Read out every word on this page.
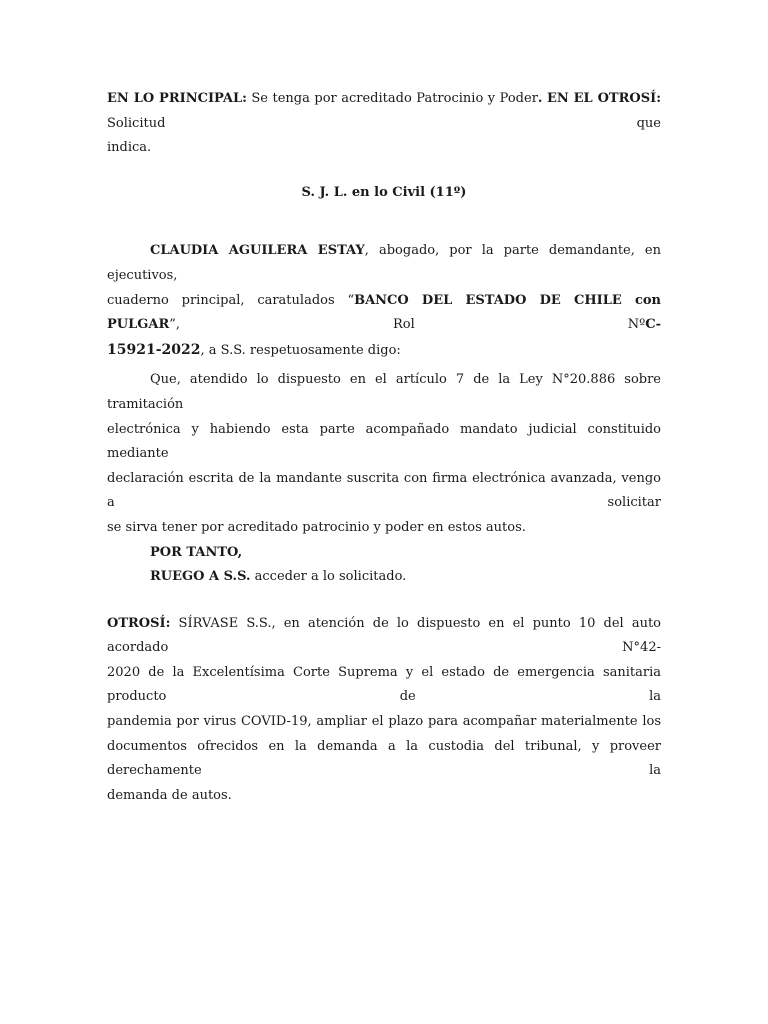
EN LO PRINCIPAL: Se tenga por acreditado Patrocinio y Poder. EN EL OTROSÍ: Solicitud que

indica.

S. J. L. en lo Civil (11º)

CLAUDIA AGUILERA ESTAY, abogado, por la parte demandante, en ejecutivos,

cuaderno principal, caratulados “BANCO DEL ESTADO DE CHILE con PULGAR”, Rol NºC-

15921-2022, a S.S. respetuosamente digo:

Que, atendido lo dispuesto en el artículo 7 de la Ley N°20.886 sobre tramitación

electrónica y habiendo esta parte acompañado mandato judicial constituido mediante

declaración escrita de la mandante suscrita con firma electrónica avanzada, vengo a solicitar

se sirva tener por acreditado patrocinio y poder en estos autos.

POR TANTO,

RUEGO A S.S. acceder a lo solicitado.

OTROSÍ: SÍRVASE S.S., en atención de lo dispuesto en el punto 10 del auto acordado N°42-

2020 de la Excelentísima Corte Suprema y el estado de emergencia sanitaria producto de la

pandemia por virus COVID-19, ampliar el plazo para acompañar materialmente los

documentos ofrecidos en la demanda a la custodia del tribunal, y proveer derechamente la

demanda de autos.
